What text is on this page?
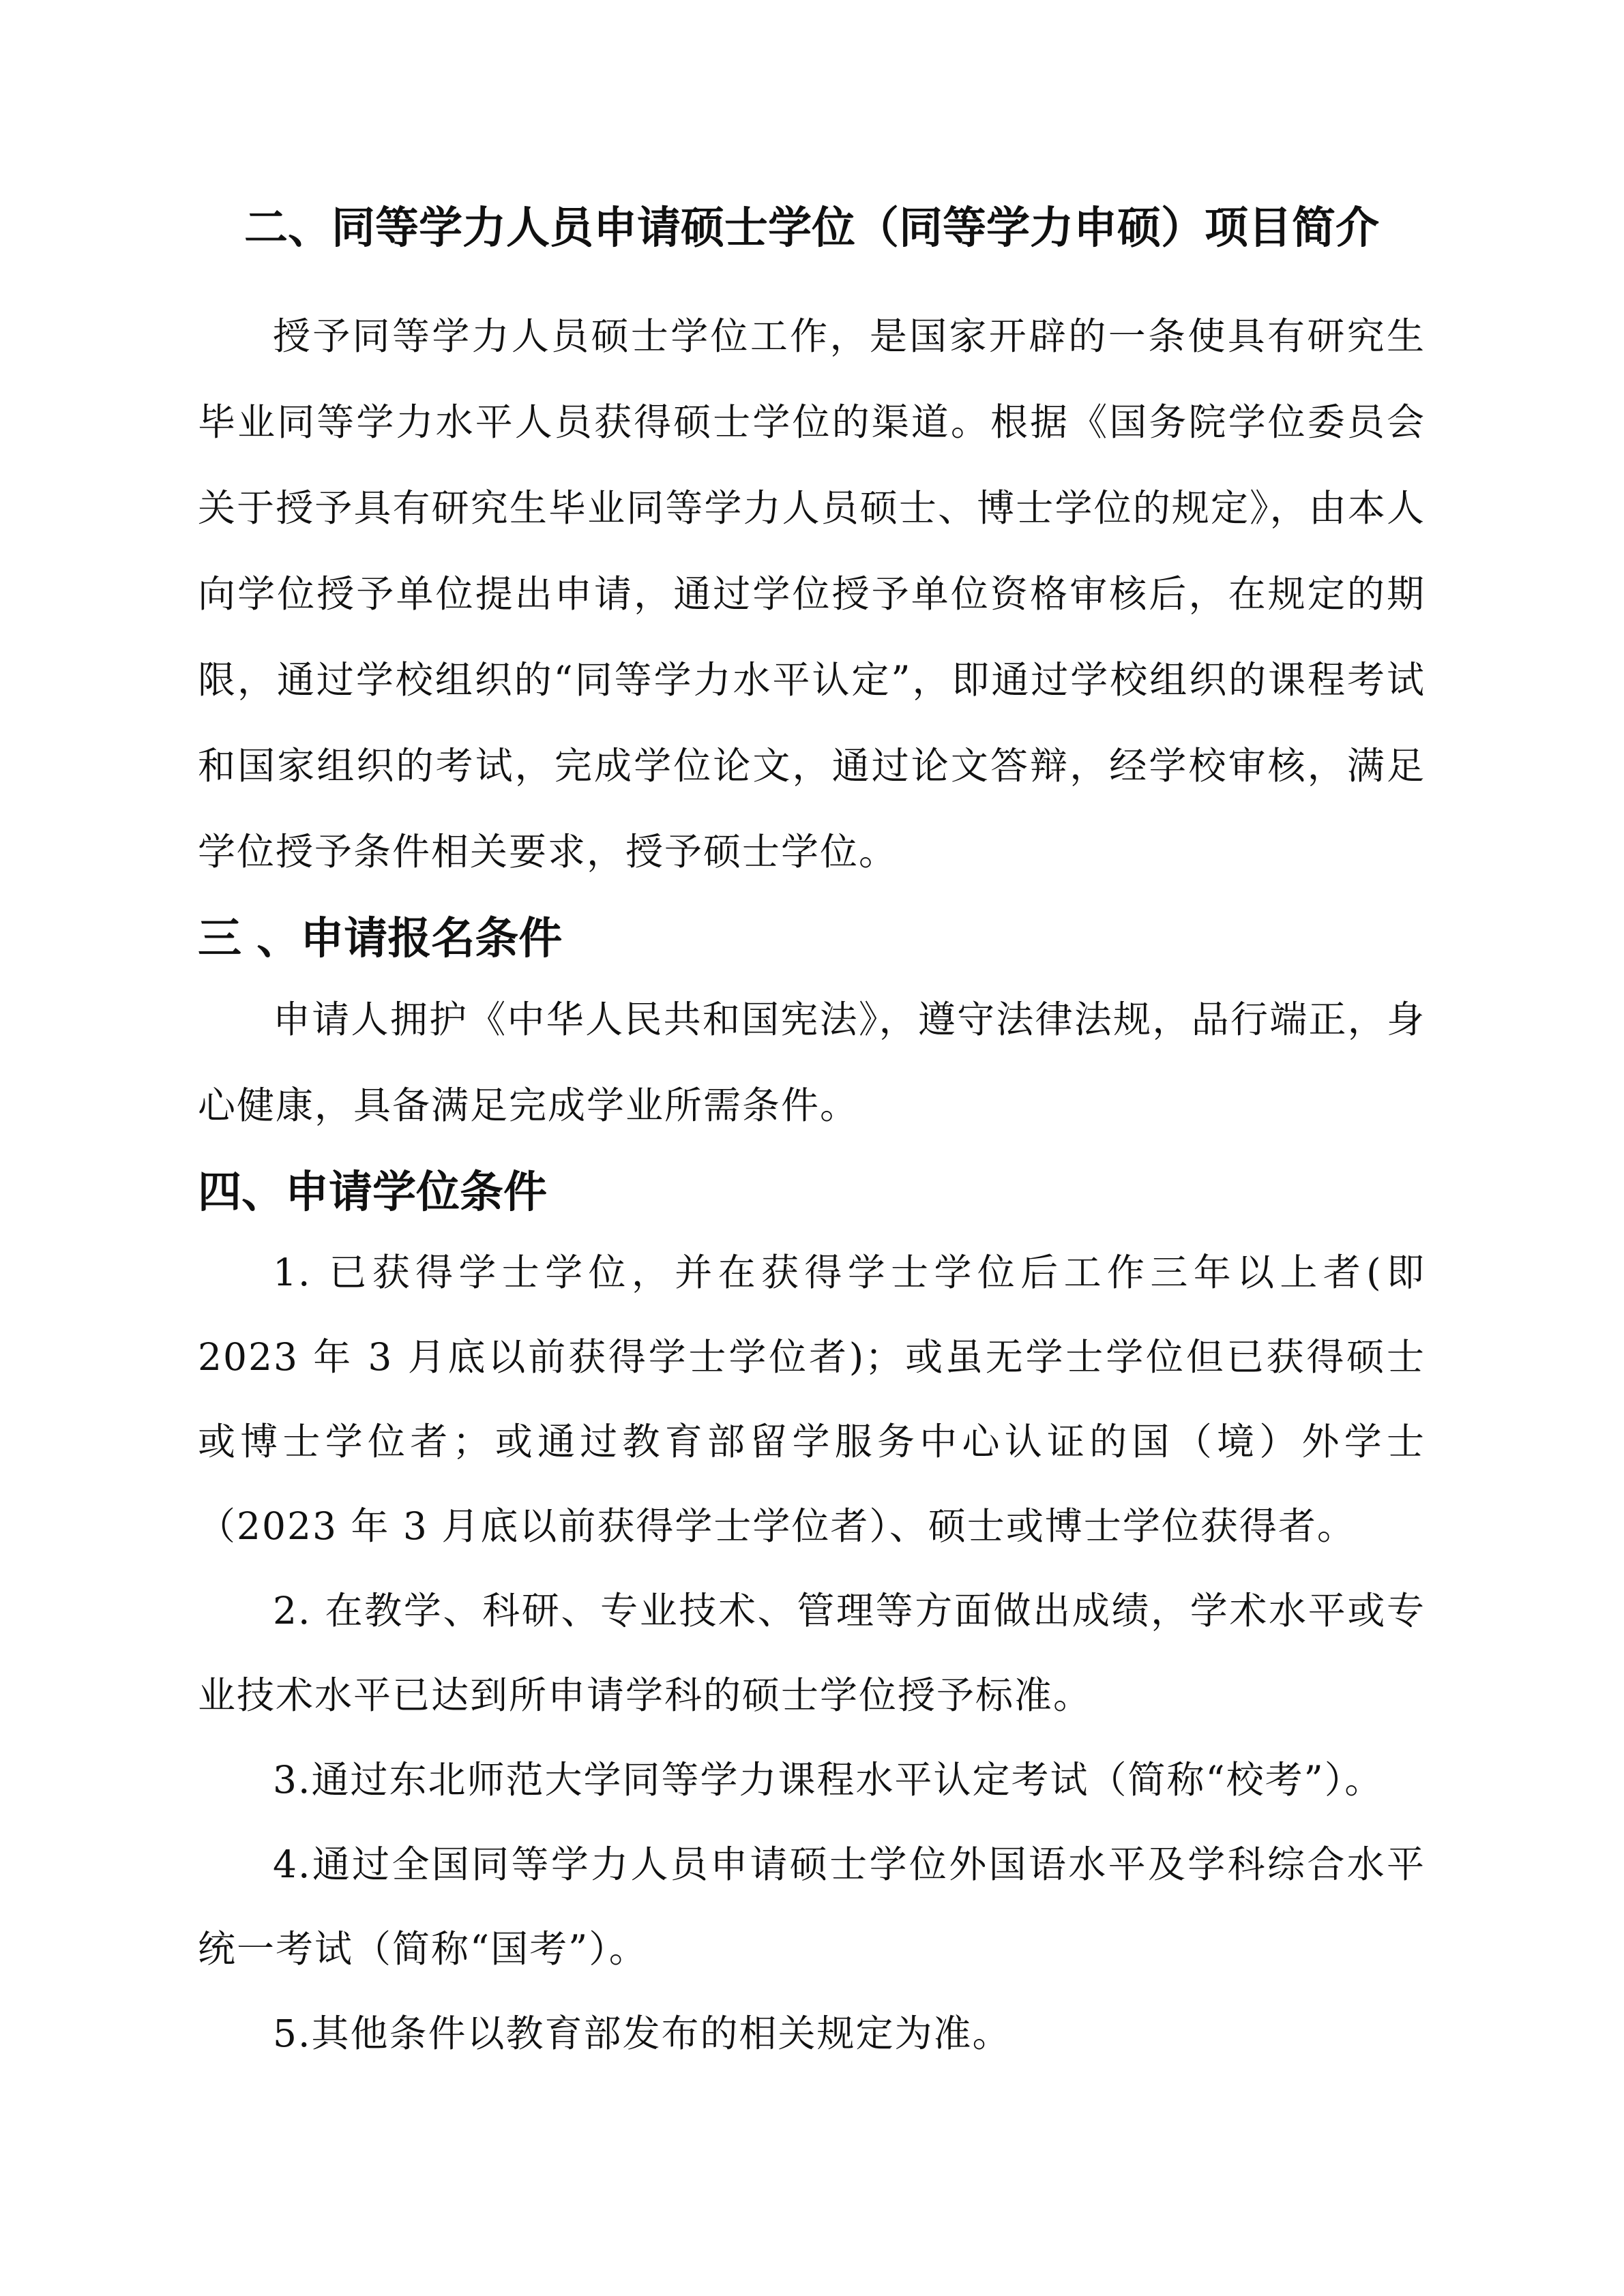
二、同等学力人员申请硕士学位（同等学力申硕）项目简介

授予同等学力人员硕士学位工作，是国家开辟的一条使具有研究生毕业同等学力水平人员获得硕士学位的渠道。根据《国务院学位委员会关于授予具有研究生毕业同等学力人员硕士、博士学位的规定》，由本人向学位授予单位提出申请，通过学位授予单位资格审核后，在规定的期限，通过学校组织的“同等学力水平认定”，即通过学校组织的课程考试和国家组织的考试，完成学位论文，通过论文答辩，经学校审核，满足学位授予条件相关要求，授予硕士学位。

三 、申请报名条件

申请人拥护《中华人民共和国宪法》，遵守法律法规，品行端正，身心健康，具备满足完成学业所需条件。

四、申请学位条件

1. 已获得学士学位，并在获得学士学位后工作三年以上者(即 2023 年 3 月底以前获得学士学位者)；或虽无学士学位但已获得硕士或博士学位者；或通过教育部留学服务中心认证的国（境）外学士（2023 年 3 月底以前获得学士学位者）、硕士或博士学位获得者。

2. 在教学、科研、专业技术、管理等方面做出成绩，学术水平或专业技术水平已达到所申请学科的硕士学位授予标准。

3.通过东北师范大学同等学力课程水平认定考试（简称“校考”）。

4.通过全国同等学力人员申请硕士学位外国语水平及学科综合水平统一考试（简称“国考”）。

5.其他条件以教育部发布的相关规定为准。
